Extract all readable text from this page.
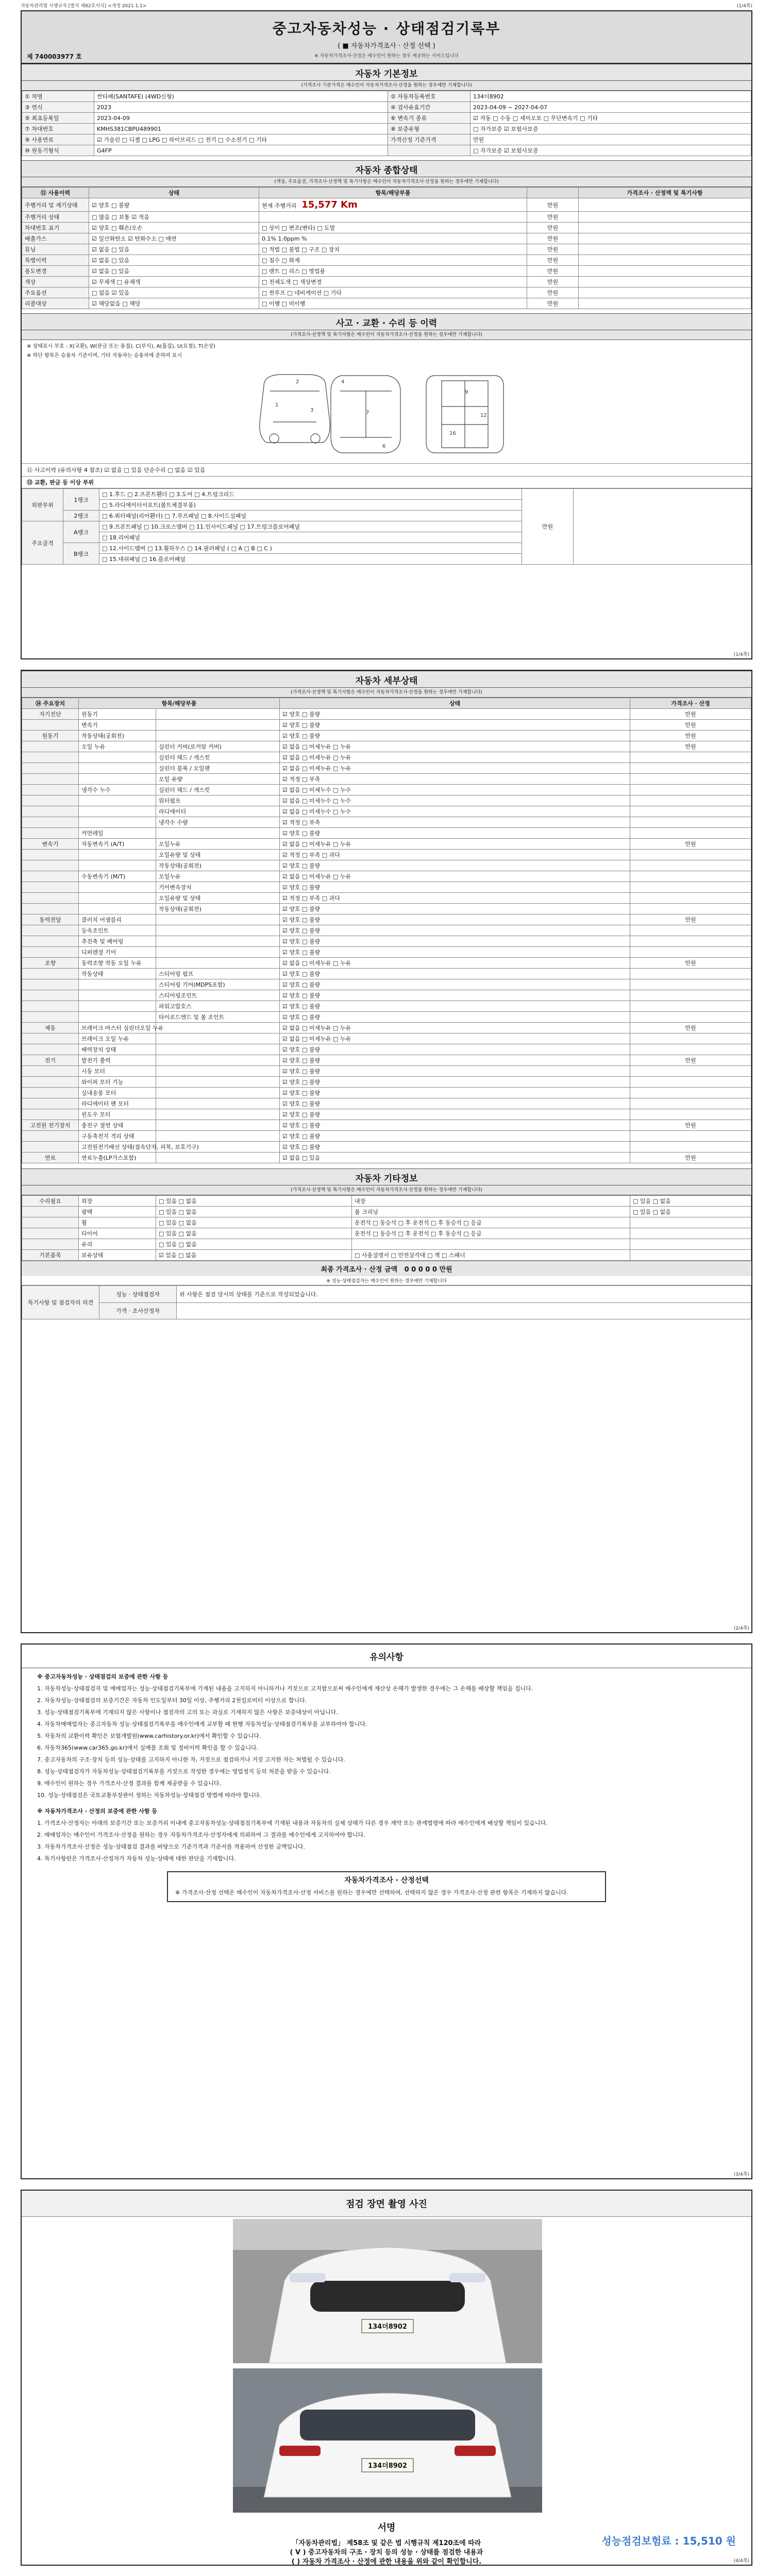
자동차관리법 시행규칙 [별지 제82호서식] <개정 2021.1.1>	(1/4쪽)
중고자동차성능 · 상태점검기록부
( ■ 자동차가격조사 · 산정 선택 )
※ 자동차가격조사·산정은 매수인이 원하는 경우 제공하는 서비스입니다
제 740003977 호
자동차 기본정보
(가격조사 기준가격은 매수인이 자동차가격조사·산정을 원하는 경우에만 기재합니다)
① 차명	싼타페(SANTAFE) (4WD신형)	② 자동차등록번호	134더8902
③ 연식	2023	④ 검사유효기간	2023-04-09 ~ 2027-04-07
⑤ 최초등록일	2023-04-09	⑥ 변속기 종류	☑ 자동 □ 수동 □ 세미오토 □ 무단변속기 □ 기타
⑦ 차대번호	KMHS381CBPU489901	⑧ 보증유형	□ 자가보증 ☑ 보험사보증
⑨ 사용연료	☑ 가솔린 □ 디젤 □ LPG □ 하이브리드 □ 전기 □ 수소전기 □ 기타	가격산정 기준가격	만원
⑩ 원동기형식	G4FP		□ 자가보증 ☑ 보험사보증
자동차 종합상태
(색상, 주요옵션, 가격조사·산정액 및 특기사항은 매수인이 자동차가격조사·산정을 원하는 경우에만 기재합니다)
⑪ 사용이력	상태	항목/해당부품		가격조사 · 산정액 및 특기사항
주행거리 및 계기상태	☑ 양호 □ 불량	현재 주행거리 15,577 Km	만원	
주행거리 상태	□ 많음 □ 보통 ☑ 적음		만원	
차대번호 표기	☑ 양호 □ 훼손/오손	□ 상이 □ 변조(변타) □ 도말	만원	
배출가스	☑ 일산화탄소 ☑ 탄화수소 □ 매연	0.1% 1.0ppm %	만원	
튜닝	☑ 없음 □ 있음	□ 적법 □ 불법 □ 구조 □ 장치	만원	
특별이력	☑ 없음 □ 있음	□ 침수 □ 화재	만원	
용도변경	☑ 없음 □ 있음	□ 렌트 □ 리스 □ 영업용	만원	
색상	☑ 무채색 □ 유채색	□ 전체도색 □ 색상변경	만원	
주요옵션	□ 없음 ☑ 있음	□ 썬루프 □ 네비게이션 □ 기타	만원	
리콜대상	☑ 해당없음 □ 해당	□ 이행 □ 미이행	만원	
사고 · 교환 · 수리 등 이력
(가격조사·산정액 및 특기사항은 매수인이 자동차가격조사·산정을 원하는 경우에만 기재합니다)
※ 상태표시 부호 : X(교환), W(판금 또는 용접), C(부식), A(흠집), U(요철), T(손상)
※ 하단 항목은 승용차 기준이며, 기타 자동차는 승용차에 준하여 표시
1
2
3
4
7
6
9
12
16
⑫ 사고이력 (유의사항 4 참조) ☑ 없음 □ 있음 단순수리 □ 없음 ☑ 있음
⑬ 교환, 판금 등 이상 부위
외판부위	1랭크	□ 1.후드 □ 2.프론트휀더 □ 3.도어 □ 4.트렁크리드	만원	
		□ 5.라디에이터서포트(볼트체결부품)		
	2랭크	□ 6.쿼터패널(리어휀더) □ 7.루프패널 □ 8.사이드실패널		
주요골격	A랭크	□ 9.프론트패널 □ 10.크로스멤버 □ 11.인사이드패널 □ 17.트렁크플로어패널		
		□ 18.리어패널		
	B랭크	□ 12.사이드멤버 □ 13.휠하우스 □ 14.필러패널 ( □ A □ B □ C )		
		□ 15.대쉬패널 □ 16.플로어패널		
(1/4쪽)
자동차 세부상태
(가격조사·산정액 및 특기사항은 매수인이 자동차가격조사·산정을 원하는 경우에만 기재합니다)
⑭ 주요장치	항목/해당부품		상태	가격조사 · 산정
자기진단	원동기		☑ 양호 □ 불량	만원
	변속기		☑ 양호 □ 불량	만원
원동기	작동상태(공회전)		☑ 양호 □ 불량	만원
	오일 누유	실린더 커버(로커암 커버)	☑ 없음 □ 미세누유 □ 누유	만원
		실린더 헤드 / 개스킷	☑ 없음 □ 미세누유 □ 누유	
		실린더 블록 / 오일팬	☑ 없음 □ 미세누유 □ 누유	
		오일 유량	☑ 적정 □ 부족	
	냉각수 누수	실린더 헤드 / 개스킷	☑ 없음 □ 미세누수 □ 누수	
		워터펌프	☑ 없음 □ 미세누수 □ 누수	
		라디에이터	☑ 없음 □ 미세누수 □ 누수	
		냉각수 수량	☑ 적정 □ 부족	
	커먼레일		☑ 양호 □ 불량	
변속기	자동변속기 (A/T)	오일누유	☑ 없음 □ 미세누유 □ 누유	만원
		오일유량 및 상태	☑ 적정 □ 부족 □ 과다	
		작동상태(공회전)	☑ 양호 □ 불량	
	수동변속기 (M/T)	오일누유	☑ 없음 □ 미세누유 □ 누유	
		기어변속장치	☑ 양호 □ 불량	
		오일유량 및 상태	☑ 적정 □ 부족 □ 과다	
		작동상태(공회전)	☑ 양호 □ 불량	
동력전달	클러치 어셈블리		☑ 양호 □ 불량	만원
	등속조인트		☑ 양호 □ 불량	
	추진축 및 베어링		☑ 양호 □ 불량	
	디퍼렌셜 기어		☑ 양호 □ 불량	
조향	동력조향 작동 오일 누유		☑ 없음 □ 미세누유 □ 누유	만원
	작동상태	스티어링 펌프	☑ 양호 □ 불량	
		스티어링 기어(MDPS포함)	☑ 양호 □ 불량	
		스티어링조인트	☑ 양호 □ 불량	
		파워고압호스	☑ 양호 □ 불량	
		타이로드엔드 및 볼 조인트	☑ 양호 □ 불량	
제동	브레이크 마스터 실린더오일 누유		☑ 없음 □ 미세누유 □ 누유	만원
	브레이크 오일 누유		☑ 없음 □ 미세누유 □ 누유	
	배력장치 상태		☑ 양호 □ 불량	
전기	발전기 출력		☑ 양호 □ 불량	만원
	시동 모터		☑ 양호 □ 불량	
	와이퍼 모터 기능		☑ 양호 □ 불량	
	실내송풍 모터		☑ 양호 □ 불량	
	라디에이터 팬 모터		☑ 양호 □ 불량	
	윈도우 모터		☑ 양호 □ 불량	
고전원 전기장치	충전구 절연 상태		☑ 양호 □ 불량	만원
	구동축전지 격리 상태		☑ 양호 □ 불량	
	고전원전기배선 상태(접속단자, 피복, 보호기구)		☑ 양호 □ 불량	
연료	연료누출(LP가스포함)		☑ 없음 □ 있음	만원
자동차 기타정보
(가격조사·산정액 및 특기사항은 매수인이 자동차가격조사·산정을 원하는 경우에만 기재합니다)
수리필요	외장	□ 있음 □ 없음	내장	□ 있음 □ 없음
	광택	□ 있음 □ 없음	룸 크리닝	□ 있음 □ 없음
	휠	□ 있음 □ 없음	운전석 □ 동승석 □ 후 운전석 □ 후 동승석 □ 응급	
	타이어	□ 있음 □ 없음	운전석 □ 동승석 □ 후 운전석 □ 후 동승석 □ 응급	
	유리	□ 있음 □ 없음		
기본품목	보유상태	☑ 있음 □ 없음	□ 사용설명서 □ 안전삼각대 □ 잭 □ 스패너	
최종 가격조사 · 산정 금액 0 0 0 0 0 만원
※ 성능·상태점검자는 매수인이 원하는 경우에만 기재합니다
특기사항 및 점검자의 의견	성능 · 상태점검자	위 사항은 점검 당시의 상태를 기준으로 작성되었습니다.
	가격 · 조사산정자	
(2/4쪽)
유의사항

※ 중고자동차성능 · 상태점검의 보증에 관한 사항 등

1. 자동차성능·상태점검자 및 매매업자는 성능·상태점검기록부에 기재된 내용을 고지하지 아니하거나 거짓으로 고지함으로써 매수인에게 재산상 손해가 발생한 경우에는 그 손해를 배상할 책임을 집니다.

2. 자동차성능·상태점검의 보증기간은 자동차 인도일부터 30일 이상, 주행거리 2천킬로미터 이상으로 합니다.

3. 성능·상태점검기록부에 기재되지 않은 사항이나 점검자의 고의 또는 과실로 기재하지 않은 사항은 보증대상이 아닙니다.

4. 자동차매매업자는 중고자동차 성능·상태점검기록부를 매수인에게 교부할 때 현행 자동차성능·상태점검기록부를 교부하여야 합니다.

5. 자동차의 교환이력 확인은 보험개발원(www.carhistory.or.kr)에서 확인할 수 있습니다.

6. 자동차365(www.car365.go.kr)에서 실매물 조회 및 정비이력 확인을 할 수 있습니다.

7. 중고자동차의 구조·장치 등의 성능·상태를 고지하지 아니한 자, 거짓으로 점검하거나 거짓 고지한 자는 처벌될 수 있습니다.

8. 성능·상태점검자가 자동차성능·상태점검기록부를 거짓으로 작성한 경우에는 영업정지 등의 처분을 받을 수 있습니다.

9. 매수인이 원하는 경우 가격조사·산정 결과를 함께 제공받을 수 있습니다.

10. 성능·상태점검은 국토교통부장관이 정하는 자동차성능·상태점검 방법에 따라야 합니다.

※ 자동차가격조사 · 산정의 보증에 관한 사항 등

1. 가격조사·산정자는 아래의 보증기간 또는 보증거리 이내에 중고자동차성능·상태점검기록부에 기재된 내용과 자동차의 실제 상태가 다른 경우 계약 또는 관계법령에 따라 매수인에게 배상할 책임이 있습니다.

2. 매매업자는 매수인이 가격조사·산정을 원하는 경우 자동차가격조사·산정자에게 의뢰하여 그 결과를 매수인에게 고지하여야 합니다.

3. 자동차가격조사·산정은 성능·상태점검 결과를 바탕으로 기준가격과 기준서를 적용하여 산정한 금액입니다.

4. 특기사항란은 가격조사·산정자가 자동차 성능·상태에 대한 판단을 기재합니다.

자동차가격조사 · 산정선택
※ 가격조사·산정 선택은 매수인이 자동차가격조사·산정 서비스를 원하는 경우에만 선택하며, 선택하지 않은 경우 가격조사·산정 관련 항목은 기재하지 않습니다.
(3/4쪽)
점검 장면 촬영 사진
134더8902
134더8902
서명
성능점검보험료 : 15,510 원
(4/4쪽)
「자동차관리법」 제58조 및 같은 법 시행규칙 제120조에 따라
( V ) 중고자동차의 구조 · 장치 등의 성능 · 상태를 점검한 내용과
( ) 자동차 가격조사 · 산정에 관한 내용을 위와 같이 확인합니다.
